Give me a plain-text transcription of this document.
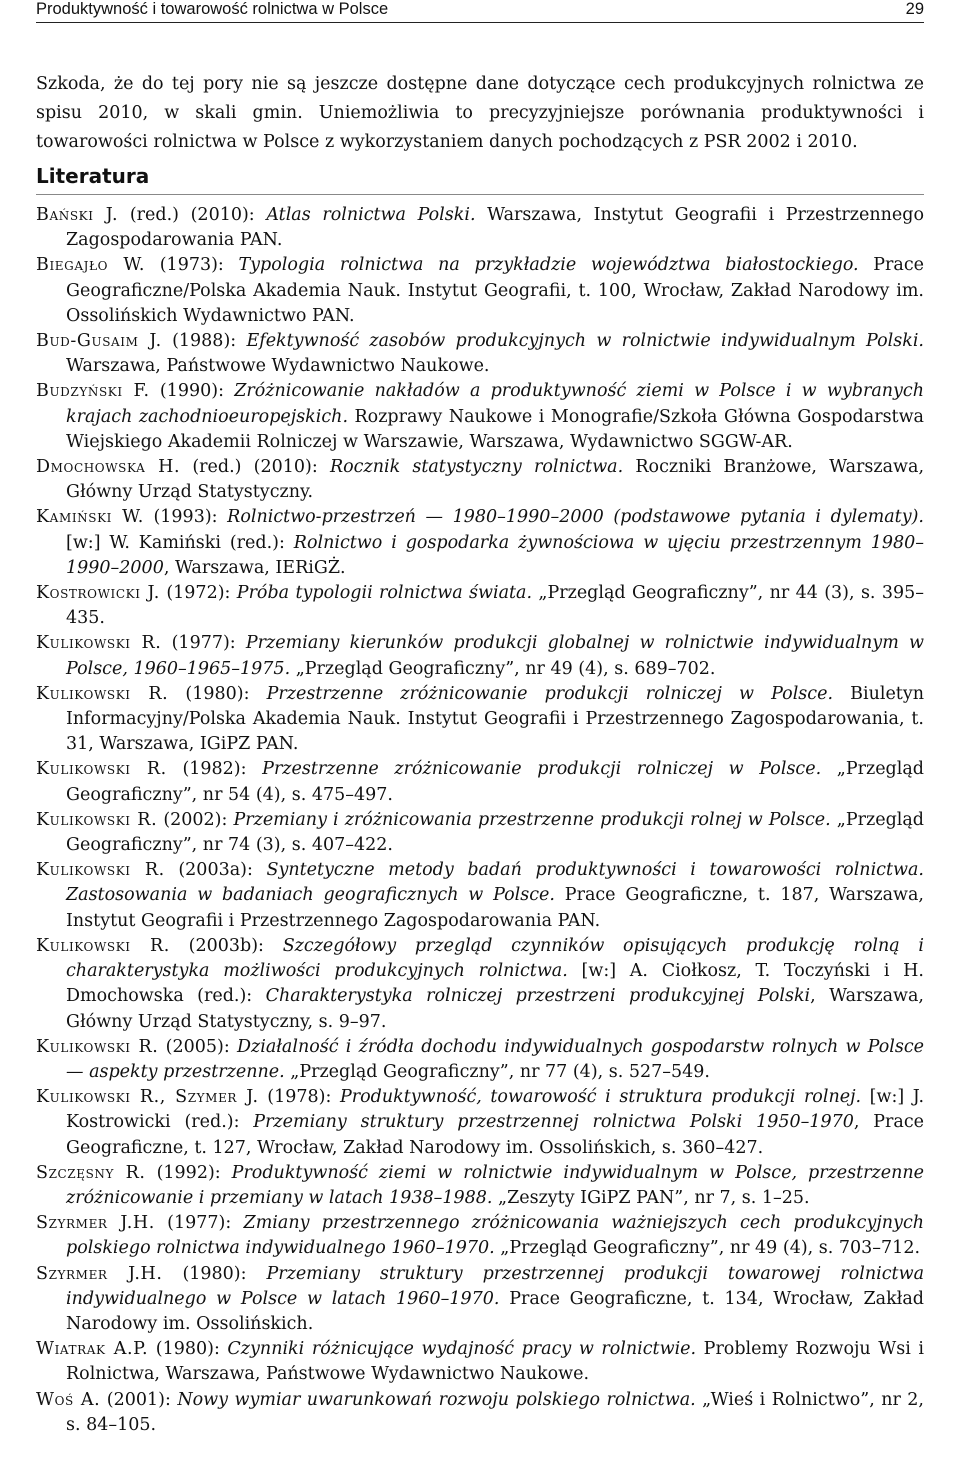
Produktywność i towarowość rolnictwa w Polsce	29

Szkoda, że do tej pory nie są jeszcze dostępne dane dotyczące cech produkcyjnych rolnictwa ze spisu 2010, w skali gmin. Uniemożliwia to precyzyjniejsze porównania produktywności i towarowości rolnictwa w Polsce z wykorzystaniem danych pochodzących z PSR 2002 i 2010.

Literatura

Bański J. (red.) (2010): Atlas rolnictwa Polski. Warszawa, Instytut Geografii i Przestrzennego Zagospodarowania PAN.

Biegajło W. (1973): Typologia rolnictwa na przykładzie województwa białostockiego. Prace Geograficzne/Polska Akademia Nauk. Instytut Geografii, t. 100, Wrocław, Zakład Narodowy im. Ossolińskich Wydawnictwo PAN.

Bud-Gusaim J. (1988): Efektywność zasobów produkcyjnych w rolnictwie indywidualnym Polski. Warszawa, Państwowe Wydawnictwo Naukowe.

Budzyński F. (1990): Zróżnicowanie nakładów a produktywność ziemi w Polsce i w wybranych krajach zachodnioeuropejskich. Rozprawy Naukowe i Monografie/Szkoła Główna Gospodarstwa Wiejskiego Akademii Rolniczej w Warszawie, Warszawa, Wydawnictwo SGGW-AR.

Dmochowska H. (red.) (2010): Rocznik statystyczny rolnictwa. Roczniki Branżowe, Warszawa, Główny Urząd Statystyczny.

Kamiński W. (1993): Rolnictwo-przestrzeń — 1980–1990–2000 (podstawowe pytania i dylematy). [w:] W. Kamiński (red.): Rolnictwo i gospodarka żywnościowa w ujęciu przestrzennym 1980–1990–2000, Warszawa, IERiGŻ.

Kostrowicki J. (1972): Próba typologii rolnictwa świata. „Przegląd Geograficzny”, nr 44 (3), s. 395–435.

Kulikowski R. (1977): Przemiany kierunków produkcji globalnej w rolnictwie indywidualnym w Polsce, 1960–1965–1975. „Przegląd Geograficzny”, nr 49 (4), s. 689–702.

Kulikowski R. (1980): Przestrzenne zróżnicowanie produkcji rolniczej w Polsce. Biuletyn Informacyjny/Polska Akademia Nauk. Instytut Geografii i Przestrzennego Zagospodarowania, t. 31, Warszawa, IGiPZ PAN.

Kulikowski R. (1982): Przestrzenne zróżnicowanie produkcji rolniczej w Polsce. „Przegląd Geograficzny”, nr 54 (4), s. 475–497.

Kulikowski R. (2002): Przemiany i zróżnicowania przestrzenne produkcji rolnej w Polsce. „Przegląd Geograficzny”, nr 74 (3), s. 407–422.

Kulikowski R. (2003a): Syntetyczne metody badań produktywności i towarowości rolnictwa. Zastosowania w badaniach geograficznych w Polsce. Prace Geograficzne, t. 187, Warszawa, Instytut Geografii i Przestrzennego Zagospodarowania PAN.

Kulikowski R. (2003b): Szczegółowy przegląd czynników opisujących produkcję rolną i charakterystyka możliwości produkcyjnych rolnictwa. [w:] A. Ciołkosz, T. Toczyński i H. Dmochowska (red.): Charakterystyka rolniczej przestrzeni produkcyjnej Polski, Warszawa, Główny Urząd Statystyczny, s. 9–97.

Kulikowski R. (2005): Działalność i źródła dochodu indywidualnych gospodarstw rolnych w Polsce — aspekty przestrzenne. „Przegląd Geograficzny”, nr 77 (4), s. 527–549.

Kulikowski R., Szymer J. (1978): Produktywność, towarowość i struktura produkcji rolnej. [w:] J. Kostrowicki (red.): Przemiany struktury przestrzennej rolnictwa Polski 1950–1970, Prace Geograficzne, t. 127, Wrocław, Zakład Narodowy im. Ossolińskich, s. 360–427.

Szczęsny R. (1992): Produktywność ziemi w rolnictwie indywidualnym w Polsce, przestrzenne zróżnicowanie i przemiany w latach 1938–1988. „Zeszyty IGiPZ PAN”, nr 7, s. 1–25.

Szyrmer J.H. (1977): Zmiany przestrzennego zróżnicowania ważniejszych cech produkcyjnych polskiego rolnictwa indywidualnego 1960–1970. „Przegląd Geograficzny”, nr 49 (4), s. 703–712.

Szyrmer J.H. (1980): Przemiany struktury przestrzennej produkcji towarowej rolnictwa indywidualnego w Polsce w latach 1960–1970. Prace Geograficzne, t. 134, Wrocław, Zakład Narodowy im. Ossolińskich.

Wiatrak A.P. (1980): Czynniki różnicujące wydajność pracy w rolnictwie. Problemy Rozwoju Wsi i Rolnictwa, Warszawa, Państwowe Wydawnictwo Naukowe.

Woś A. (2001): Nowy wymiar uwarunkowań rozwoju polskiego rolnictwa. „Wieś i Rolnictwo”, nr 2, s. 84–105.
